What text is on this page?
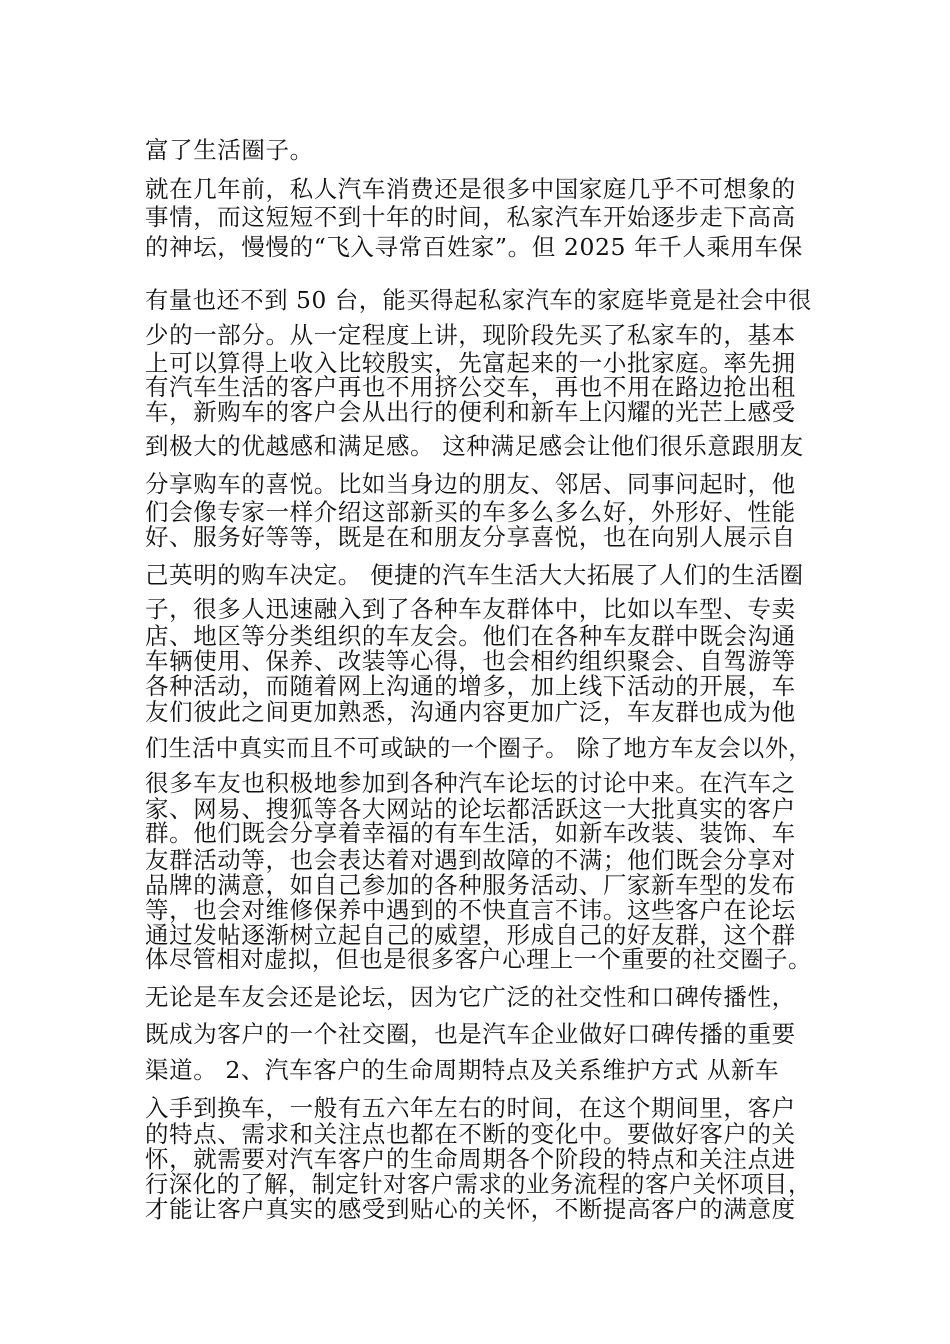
富了生活圈子。
就在几年前，私人汽车消费还是很多中国家庭几乎不可想象的
事情，而这短短不到十年的时间，私家汽车开始逐步走下高高
的神坛，慢慢的“飞入寻常百姓家”。但 2025 年千人乘用车保
有量也还不到 50 台，能买得起私家汽车的家庭毕竟是社会中很
少的一部分。从一定程度上讲，现阶段先买了私家车的，基本
上可以算得上收入比较殷实，先富起来的一小批家庭。率先拥
有汽车生活的客户再也不用挤公交车，再也不用在路边抢出租
车，新购车的客户会从出行的便利和新车上闪耀的光芒上感受
到极大的优越感和满足感。 这种满足感会让他们很乐意跟朋友
分享购车的喜悦。比如当身边的朋友、邻居、同事问起时，他
们会像专家一样介绍这部新买的车多么多么好，外形好、性能
好、服务好等等，既是在和朋友分享喜悦，也在向别人展示自
己英明的购车决定。 便捷的汽车生活大大拓展了人们的生活圈
子，很多人迅速融入到了各种车友群体中，比如以车型、专卖
店、地区等分类组织的车友会。他们在各种车友群中既会沟通
车辆使用、保养、改装等心得，也会相约组织聚会、自驾游等
各种活动，而随着网上沟通的增多，加上线下活动的开展，车
友们彼此之间更加熟悉，沟通内容更加广泛，车友群也成为他
们生活中真实而且不可或缺的一个圈子。 除了地方车友会以外，
很多车友也积极地参加到各种汽车论坛的讨论中来。在汽车之
家、网易、搜狐等各大网站的论坛都活跃这一大批真实的客户
群。他们既会分享着幸福的有车生活，如新车改装、装饰、车
友群活动等，也会表达着对遇到故障的不满；他们既会分享对
品牌的满意，如自己参加的各种服务活动、厂家新车型的发布
等，也会对维修保养中遇到的不快直言不讳。这些客户在论坛
通过发帖逐渐树立起自己的威望，形成自己的好友群，这个群
体尽管相对虚拟，但也是很多客户心理上一个重要的社交圈子。
无论是车友会还是论坛，因为它广泛的社交性和口碑传播性，
既成为客户的一个社交圈，也是汽车企业做好口碑传播的重要
渠道。 2、汽车客户的生命周期特点及关系维护方式 从新车
入手到换车，一般有五六年左右的时间，在这个期间里，客户
的特点、需求和关注点也都在不断的变化中。要做好客户的关
怀，就需要对汽车客户的生命周期各个阶段的特点和关注点进
行深化的了解，制定针对客户需求的业务流程的客户关怀项目，
才能让客户真实的感受到贴心的关怀，不断提高客户的满意度
